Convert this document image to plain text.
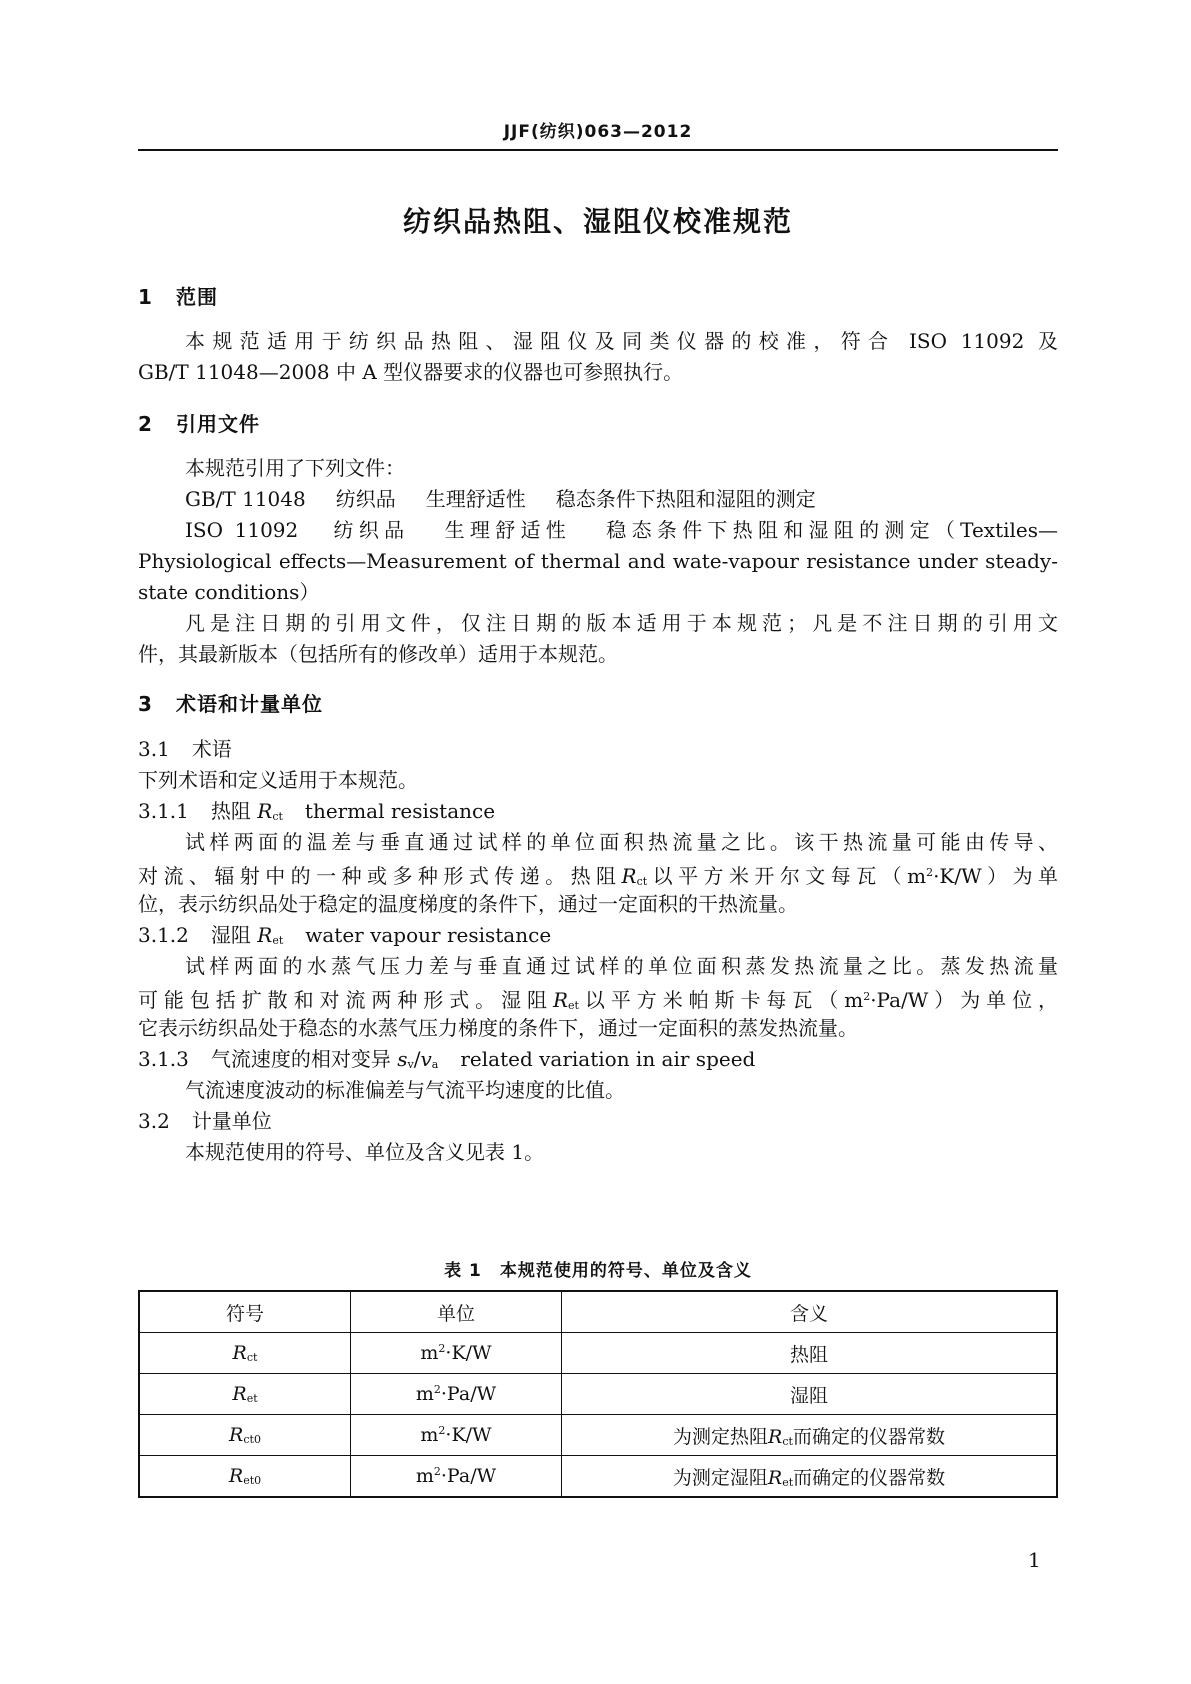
JJF(纺织)063—2012
纺织品热阻、湿阻仪校准规范
1 范围
本规范适用于纺织品热阻、湿阻仪及同类仪器的校准，符合 ISO 11092 及
GB/T 11048—2008 中 A 型仪器要求的仪器也可参照执行。
2 引用文件
本规范引用了下列文件：
GB/T 11048 纺织品 生理舒适性 稳态条件下热阻和湿阻的测定
ISO 11092 纺织品 生理舒适性 稳态条件下热阻和湿阻的测定（Textiles—
Physiological effects—Measurement of thermal and wate-vapour resistance under steady-
state conditions）
凡是注日期的引用文件，仅注日期的版本适用于本规范；凡是不注日期的引用文
件，其最新版本（包括所有的修改单）适用于本规范。
3 术语和计量单位
3.1 术语
下列术语和定义适用于本规范。
3.1.1 热阻 Rct thermal resistance
试样两面的温差与垂直通过试样的单位面积热流量之比。该干热流量可能由传导、
对流、辐射中的一种或多种形式传递。热阻Rct以平方米开尔文每瓦$(m^2\cdot K/W)$为单
位，表示纺织品处于稳定的温度梯度的条件下，通过一定面积的干热流量。
3.1.2 湿阻 Ret water vapour resistance
试样两面的水蒸气压力差与垂直通过试样的单位面积蒸发热流量之比。蒸发热流量
可能包括扩散和对流两种形式。湿阻Ret以平方米帕斯卡每瓦$(m^2\cdot Pa/W)$为单位，
它表示纺织品处于稳态的水蒸气压力梯度的条件下，通过一定面积的蒸发热流量。
3.1.3 气流速度的相对变异 sv/va related variation in air speed
气流速度波动的标准偏差与气流平均速度的比值。
3.2 计量单位
本规范使用的符号、单位及含义见表 1。
表 1　本规范使用的符号、单位及含义
符号	单位	含义
Rct	$m^2\cdot K/W$	热阻
Ret	$m^2\cdot Pa/W$	湿阻
Rct0	$m^2\cdot K/W$	为测定热阻Rct而确定的仪器常数
Ret0	$m^2\cdot Pa/W$	为测定湿阻Ret而确定的仪器常数
1
